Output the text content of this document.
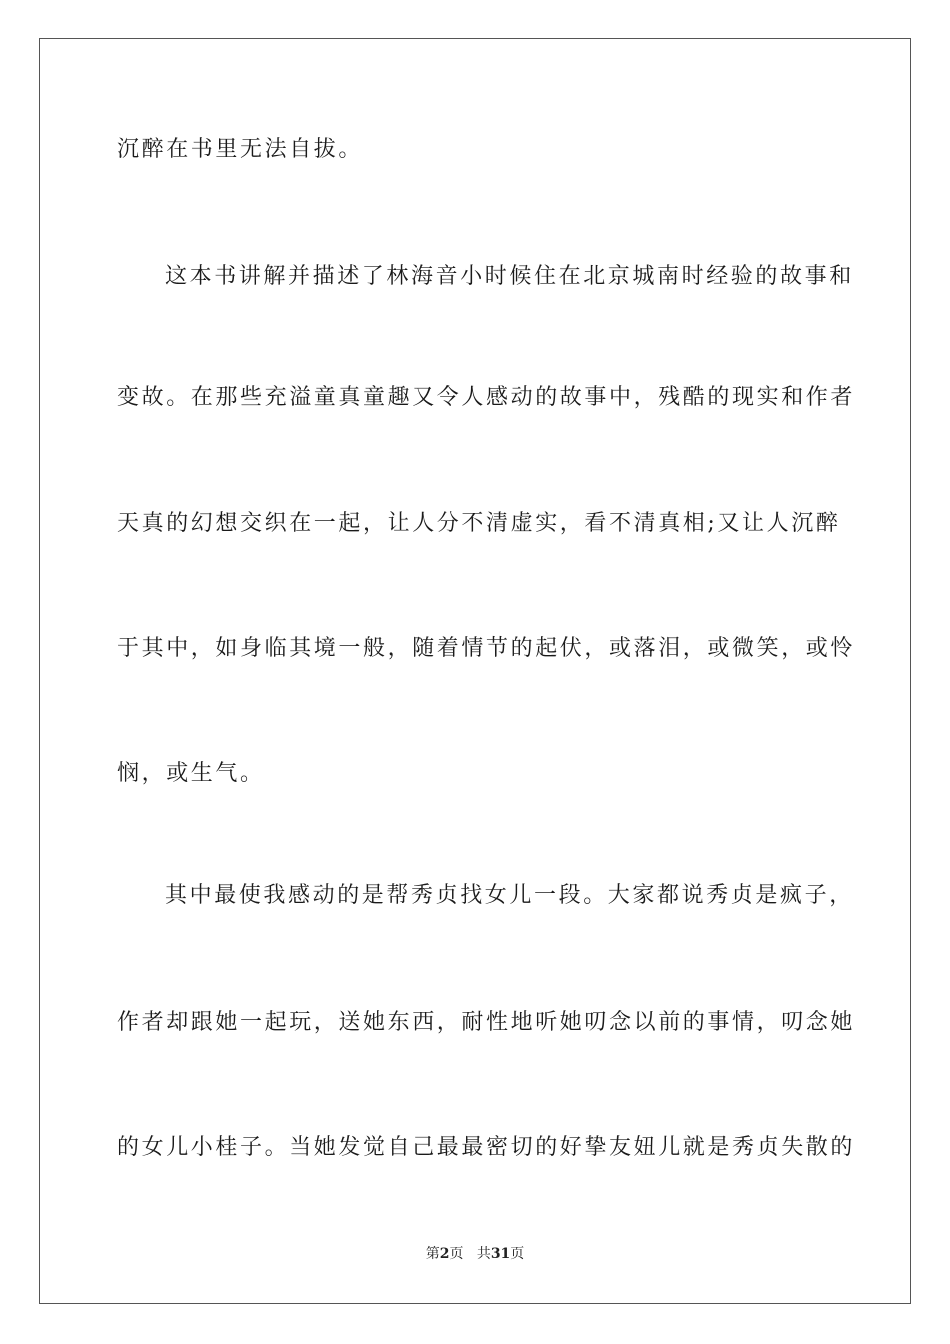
沉醉在书里无法自拔。
这本书讲解并描述了林海音小时候住在北京城南时经验的故事和
变故。在那些充溢童真童趣又令人感动的故事中，残酷的现实和作者
天真的幻想交织在一起，让人分不清虚实，看不清真相;又让人沉醉
于其中，如身临其境一般，随着情节的起伏，或落泪，或微笑，或怜
悯，或生气。
其中最使我感动的是帮秀贞找女儿一段。大家都说秀贞是疯子，
作者却跟她一起玩，送她东西，耐性地听她叨念以前的事情，叨念她
的女儿小桂子。当她发觉自己最最密切的好挚友妞儿就是秀贞失散的
第2页 共31页
